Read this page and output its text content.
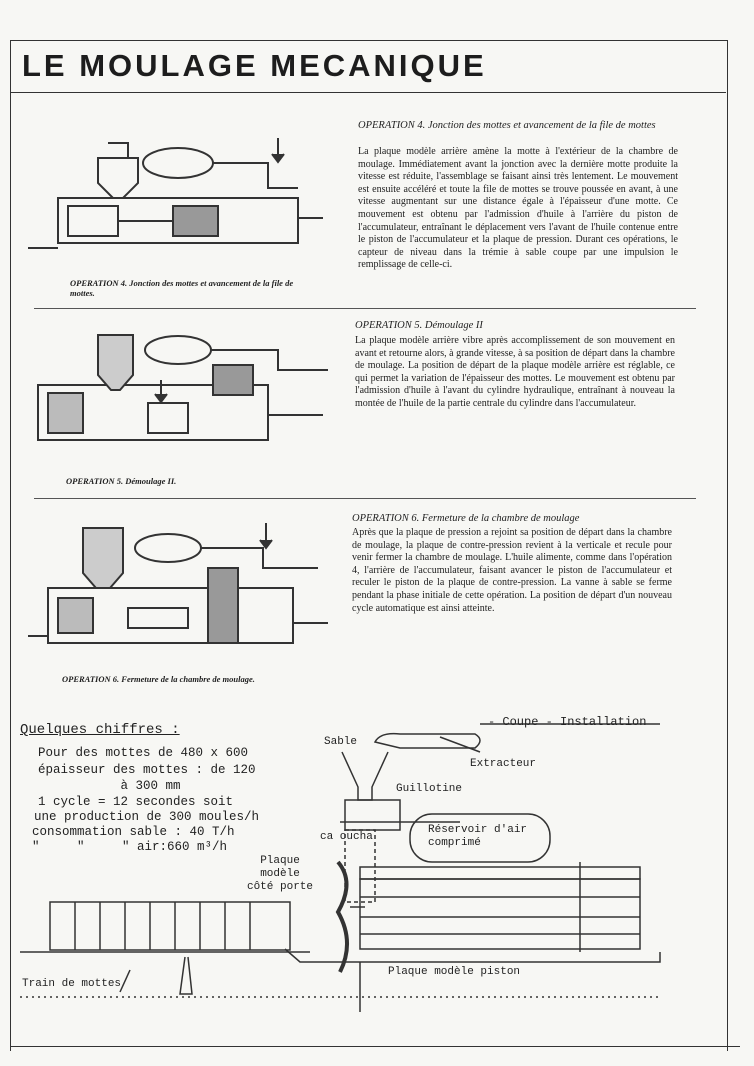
LE MOULAGE MECANIQUE
OPERATION 4. Jonction des mottes et avancement de la file de mottes.
OPERATION 4. Jonction des mottes et avancement de la file de mottes
La plaque modèle arrière amène la motte à l'extérieur de la chambre de moulage. Immédiatement avant la jonction avec la dernière motte produite la vitesse est réduite, l'assemblage se faisant ainsi très lentement. Le mouvement est ensuite accéléré et toute la file de mottes se trouve poussée en avant, à une vitesse augmentant sur une distance égale à l'épaisseur d'une motte. Ce mouvement est obtenu par l'admission d'huile à l'arrière du piston de l'accumulateur, entraînant le déplacement vers l'avant de l'huile contenue entre le piston de l'accumulateur et la plaque de pression. Durant ces opérations, le capteur de niveau dans la trémie à sable coupe par une impulsion le remplissage de celle-ci.
OPERATION 5. Démoulage II.
OPERATION 5. Démoulage II
La plaque modèle arrière vibre après accomplissement de son mouvement en avant et retourne alors, à grande vitesse, à sa position de départ dans la chambre de moulage. La position de départ de la plaque modèle arrière est réglable, ce qui permet la variation de l'épaisseur des mottes. Le mouvement est obtenu par l'admission d'huile à l'avant du cylindre hydraulique, entraînant à nouveau la montée de l'huile de la partie centrale du cylindre dans l'accumulateur.
OPERATION 6. Fermeture de la chambre de moulage.
OPERATION 6. Fermeture de la chambre de moulage
Après que la plaque de pression a rejoint sa position de départ dans la chambre de moulage, la plaque de contre-pression revient à la verticale et recule pour venir fermer la chambre de moulage. L'huile alimente, comme dans l'opération 4, l'arrière de l'accumulateur, faisant avancer le piston de l'accumulateur et reculer le piston de la plaque de contre-pression. La vanne à sable se ferme pendant la phase initiale de cette opération. La position de départ d'un nouveau cycle automatique est ainsi atteinte.
Quelques chiffres :
Pour des mottes de 480 x 600
épaisseur des mottes : de 120
à 300 mm
1 cycle = 12 secondes soit
une production de 300 moules/h
consommation sable : 40 T/h
"     "     " air:660 m³/h
- Coupe - Installation
Sable
Extracteur
Guillotine
ca oucha
Réservoir d'air comprimé
Plaque modèle côté porte
Plaque modèle piston
Train de mottes
